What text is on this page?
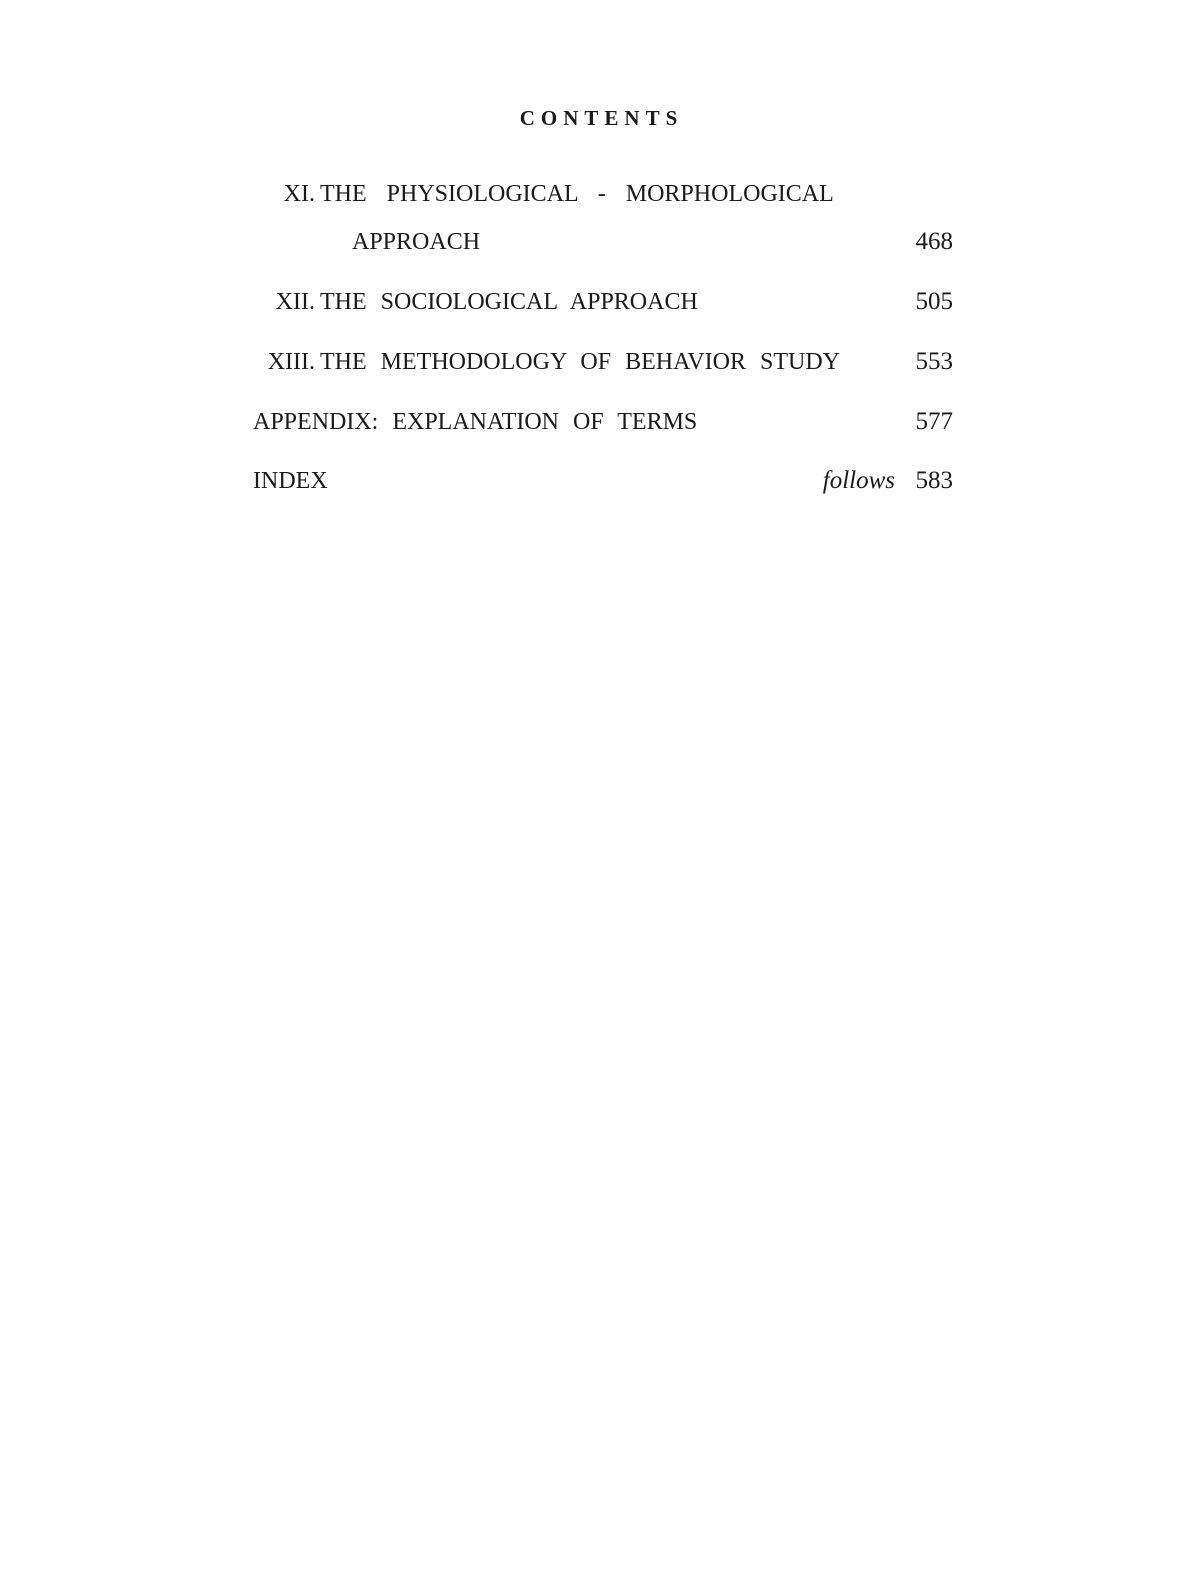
CONTENTS
XI. THE PHYSIOLOGICAL - MORPHOLOGICAL
APPROACH	468
XII. THE SOCIOLOGICAL APPROACH	505
XIII. THE METHODOLOGY OF BEHAVIOR STUDY	553
APPENDIX: EXPLANATION OF TERMS	577
INDEX	follows 583
